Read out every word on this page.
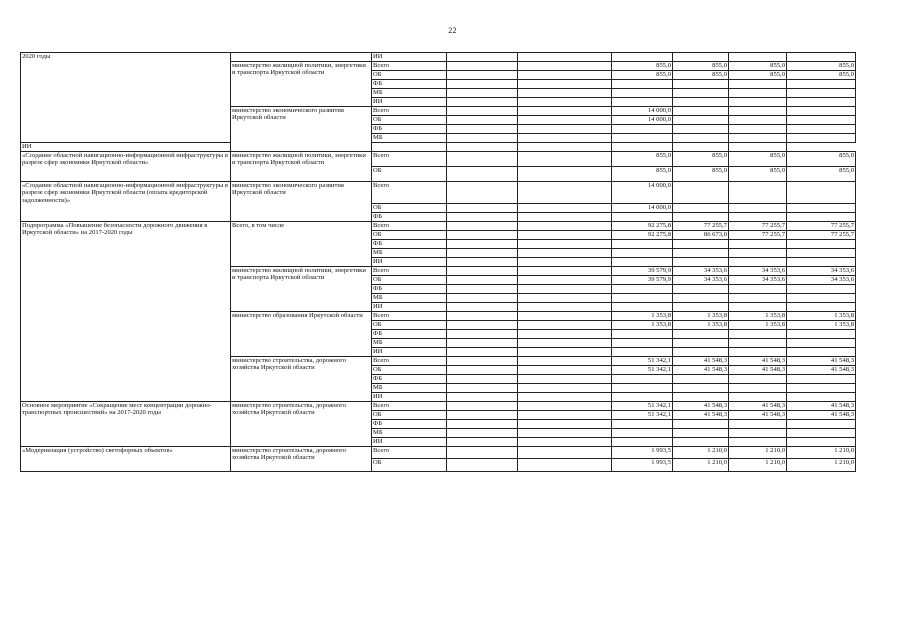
22
2020 годы		ИИ						
	министерство жилищной политики, энергетики и транспорта Иркутской области	Всего			855,0	855,0	855,0	855,0
		ОБ			855,0	855,0	855,0	855,0
		ФБ						
		МБ						
		ИИ						
	министерство экономического развития Иркутской области	Всего			14 000,0			
		ОБ			14 000,0			
		ФБ						
		МБ						
ИИ								
«Создание областной навигационно-информационной инфраструктуры в разрезе сфер экономики Иркутской области»	министерство жилищной политики, энергетики и транспорта Иркутской области	Всего			855,0	855,0	855,0	855,0
		ОБ			855,0	855,0	855,0	855,0
«Создание областной навигационно-информационной инфраструктуры в разрезе сфер экономики Иркутской области (оплата кредиторской задолженности)»	министерство экономического развития Иркутской области	Всего			14 000,0			
		ОБ			14 000,0			
		ФБ						
Подпрограмма «Повышение безопасности дорожного движения в Иркутской области» на 2017-2020 годы	Всего, в том числе	Всего			92 275,8	77 255,7	77 255,7	77 255,7
		ОБ			92 275,8	86 673,0	77 255,7	77 255,7
		ФБ						
		МБ						
		ИИ						
	министерство жилищной политики, энергетики и транспорта Иркутской области	Всего			39 579,9	34 353,6	34 353,6	34 353,6
		ОБ			39 579,9	34 353,6	34 353,6	34 353,6
		ФБ						
		МБ						
		ИИ						
	министерство образования Иркутской области	Всего			1 353,8	1 353,8	1 353,8	1 353,8
		ОБ			1 353,8	1 353,8	1 353,8	1 353,8
		ФБ						
		МБ						
		ИИ						
	министерство строительства, дорожного хозяйства Иркутской области	Всего			51 342,1	41 548,3	41 548,3	41 548,3
		ОБ			51 342,1	41 548,3	41 548,3	41 548,3
		ФБ						
		МБ						
		ИИ						
Основное мероприятие «Сокращение мест концентрации дорожно-транспортных происшествий» на 2017-2020 годы	министерство строительства, дорожного хозяйства Иркутской области	Всего			51 342,1	41 548,3	41 548,3	41 548,3
		ОБ			51 342,1	41 548,3	41 548,3	41 548,3
		ФБ						
		МБ						
		ИИ						
«Модернизация (устройство) светофорных объектов»	министерство строительства, дорожного хозяйства Иркутской области	Всего			1 993,5	1 210,0	1 210,0	1 210,0
		ОБ			1 993,5	1 210,0	1 210,0	1 210,0
